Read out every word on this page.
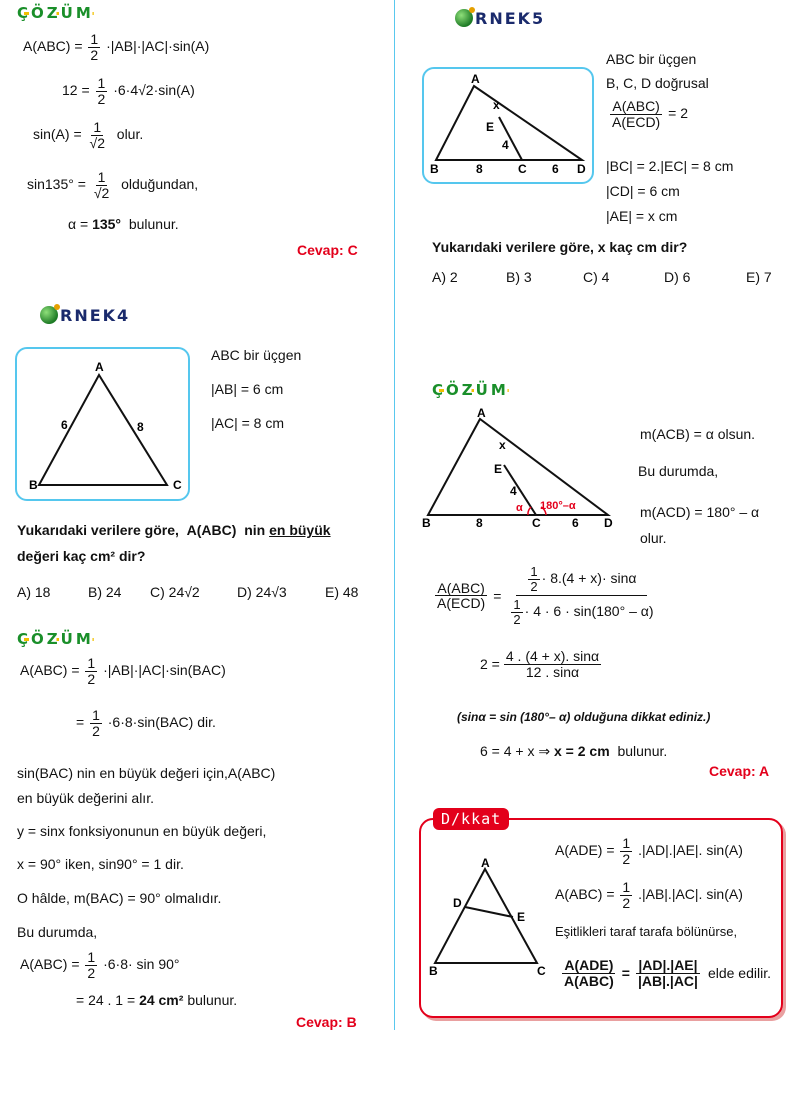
ÇÖZÜM
$A(ABC) = \frac{1}{2} \cdot|AB|\cdot|AC|\cdot\sin(A)$
$12 = \frac{1}{2} \cdot 6\cdot 4√2\cdot\sin(A)$
$\sin(A) = \frac{1}{√2}$ olur.
$\sin 135^\circ = \frac{1}{√2}$ olduğundan,
α = 135° bulunur.
Cevap: C
RNEK4
A
B	C
6	8
ABC bir üçgen
|AB| = 6 cm
|AC| = 8 cm
Yukarıdaki verilere göre, A(ABC) nin en büyük
değeri kaç cm² dir?
A) 18	B) 24 C) 24√2	D) 24√3	E) 48
ÇÖZÜM
$A(ABC) = \frac{1}{2} \cdot|AB|\cdot|AC|\cdot\sin(BAC)$
= $\frac{1}{2} \cdot 6\cdot 8\cdot\sin(BAC)$ dir.
sin(BAC) nin en büyük değeri için,A(ABC)
en büyük değerini alır.
y = sinx fonksiyonunun en büyük değeri,
x = 90° iken, sin90° = 1 dir.
O hâlde, m(BAC) = 90° olmalıdır.
Bu durumda,
$A(ABC) = \frac{1}{2} \cdot 6\cdot 8\cdot \sin 90^\circ$
= 24 . 1 = 24 cm² bulunur.
Cevap: B
RNEK5
A
B	C	D
E
x
4
8	6
ABC bir üçgen
B, C, D doğrusal
$\frac{\text{A(ABC)}}{\text{A(ECD)}} = 2$
|BC| = 2.|EC| = 8 cm
|CD| = 6 cm
|AE| = x cm
Yukarıdaki verilere göre, x kaç cm dir?
A) 2	B) 3	C) 4	D) 6	E) 7
ÇÖZÜM
A
B	C	D
E
x
4
8	6
α 180°–α
m(ACB) = α olsun.
Bu durumda,
m(ACD) = 180° – α
olur.
$\frac{\text{A(ABC)}}{\text{A(ECD)}} = \frac{\frac{1}{2} \cdot 8.(4 + x)\cdot \sin\alpha}{\frac{1}{2} \cdot 4 \cdot 6 \cdot \sin(180^\circ - \alpha)}$
$2 = \frac{4 . (4 + x). \sin\alpha}{12 . \sin\alpha}$
(sinα = sin (180°– α) olduğuna dikkat ediniz.)
6 = 4 + x ⇒ x = 2 cm bulunur.
Cevap: A
D/kkat
A
B	C
D
E
$A(ADE) = \frac{1}{2} .|AD|.|AE|$. sin(A)
$A(ABC) = \frac{1}{2} .|AB|.|AC|$. sin(A)
Eşitlikleri taraf tarafa bölünürse,
$\frac{\text{A(ADE)}}{\text{A(ABC)}} = \frac{|AD|.|AE|}{|AB|.|AC|}$ elde edilir.
